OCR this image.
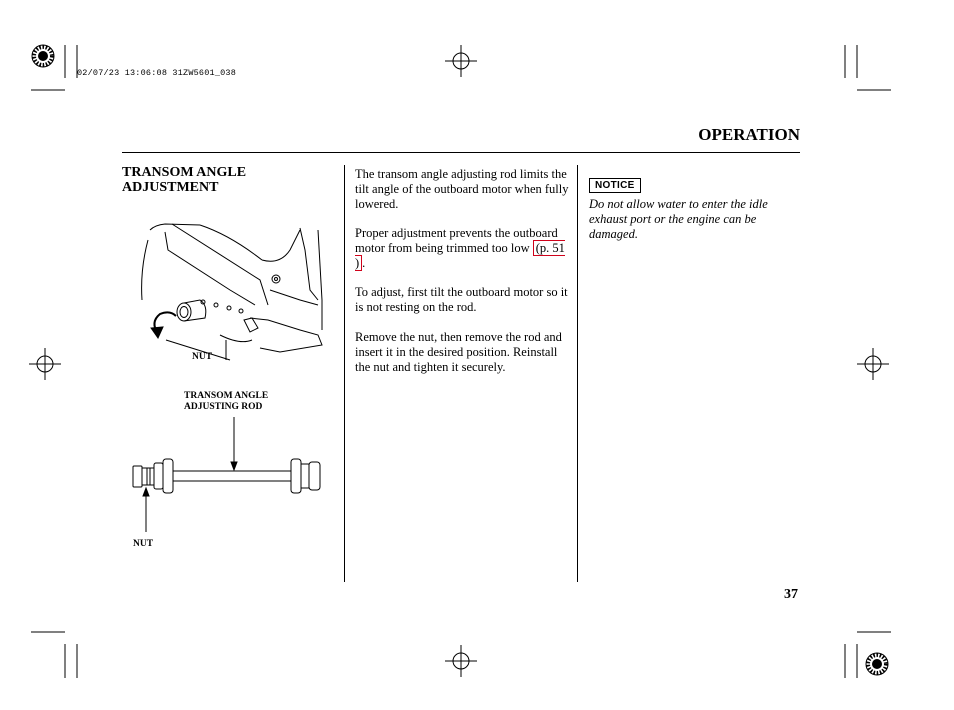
02/07/23 13:06:08 31ZW5601_038
OPERATION
TRANSOM ANGLE
ADJUSTMENT
NUT
TRANSOM ANGLE
ADJUSTING ROD
NUT
The transom angle adjusting rod limits the tilt angle of the outboard motor when fully lowered.
Proper adjustment prevents the outboard motor from being trimmed too low (p. 51 ) .
To adjust, first tilt the outboard motor so it is not resting on the rod.
Remove the nut, then remove the rod and insert it in the desired position. Reinstall the nut and tighten it securely.
NOTICE
Do not allow water to enter the idle exhaust port or the engine can be damaged.
37
